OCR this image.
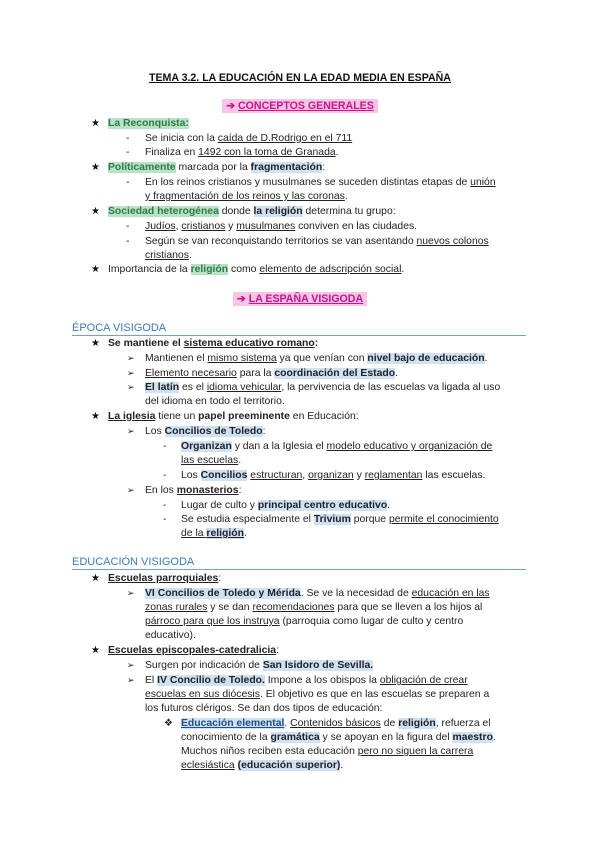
TEMA 3.2. LA EDUCACIÓN EN LA EDAD MEDIA EN ESPAÑA
➔ CONCEPTOS GENERALES
★ La Reconquista:
- Se inicia con la caída de D.Rodrigo en el 711
- Finaliza en 1492 con la toma de Granada.
★ Políticamente marcada por la fragmentación:
- En los reinos cristianos y musulmanes se suceden distintas etapas de unión
y fragmentación de los reinos y las coronas.
★ Sociedad heterogénea donde la religión determina tu grupo:
- Judíos, cristianos y musulmanes conviven en las ciudades.
- Según se van reconquistando territorios se van asentando nuevos colonos
cristianos.
★ Importancia de la religión como elemento de adscripción social.
➔ LA ESPAÑA VISIGODA
ÉPOCA VISIGODA
★ Se mantiene el sistema educativo romano:
➢ Mantienen el mismo sistema ya que venían con nivel bajo de educación.
➢ Elemento necesario para la coordinación del Estado.
➢ El latín es el idioma vehicular, la pervivencia de las escuelas va ligada al uso
del idioma en todo el territorio.
★ La iglesia tiene un papel preeminente en Educación:
➢ Los Concilios de Toledo:
- Organizan y dan a la Iglesia el modelo educativo y organización de
las escuelas.
- Los Concilios estructuran, organizan y reglamentan las escuelas.
➢ En los monasterios:
- Lugar de culto y principal centro educativo.
- Se estudia especialmente el Trivium porque permite el conocimiento
de la religión.
EDUCACIÓN VISIGODA
★ Escuelas parroquiales:
➢ VI Concilios de Toledo y Mérida. Se ve la necesidad de educación en las
zonas rurales y se dan recomendaciones para que se lleven a los hijos al
párroco para que los instruya (parroquia como lugar de culto y centro
educativo).
★ Escuelas episcopales-catedralicia:
➢ Surgen por indicación de San Isidoro de Sevilla.
➢ El IV Concilio de Toledo. Impone a los obispos la obligación de crear
escuelas en sus diócesis. El objetivo es que en las escuelas se preparen a
los futuros clérigos. Se dan dos tipos de educación:
❖ Educación elemental. Contenidos básicos de religión, refuerza el
conocimiento de la gramática y se apoyan en la figura del maestro.
Muchos niños reciben esta educación pero no siguen la carrera
eclesiástica (educación superior).
